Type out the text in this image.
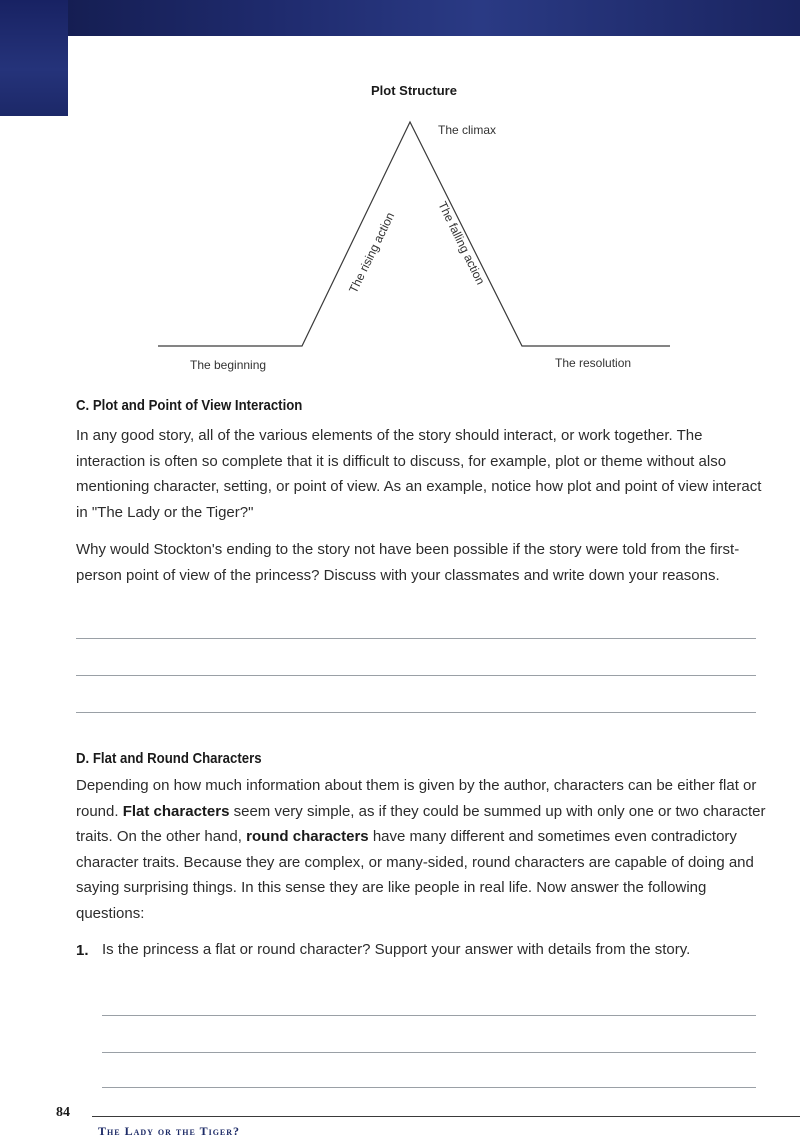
Plot Structure
The climax
The rising action	The falling action
The beginning	The resolution
C. Plot and Point of View Interaction

In any good story, all of the various elements of the story should interact, or work together. The interaction is often so complete that it is difficult to discuss, for example, plot or theme without also mentioning character, setting, or point of view. As an example, notice how plot and point of view interact in "The Lady or the Tiger?"

Why would Stockton's ending to the story not have been possible if the story were told from the first-person point of view of the princess? Discuss with your classmates and write down your reasons.

D. Flat and Round Characters

Depending on how much information about them is given by the author, characters can be either flat or round. Flat characters seem very simple, as if they could be summed up with only one or two character traits. On the other hand, round characters have many different and sometimes even contradictory character traits. Because they are complex, or many-sided, round characters are capable of doing and saying surprising things. In this sense they are like people in real life. Now answer the following questions:

1. Is the princess a flat or round character? Support your answer with details from the story.

84
The Lady or the Tiger?
